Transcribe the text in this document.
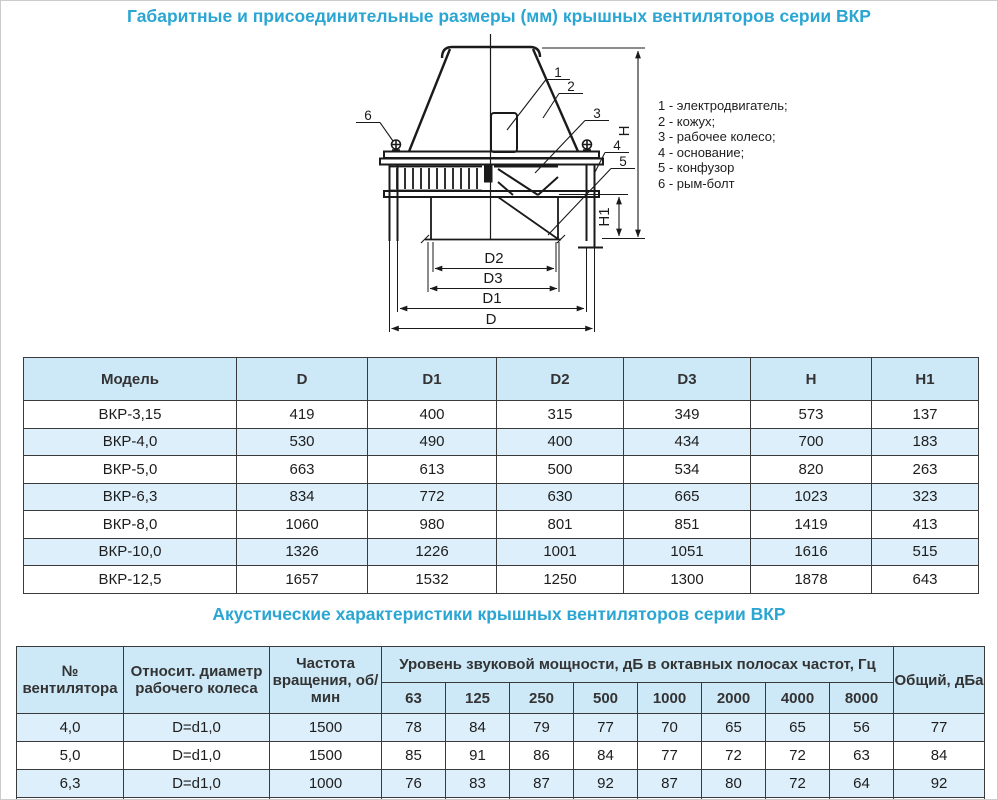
Габаритные и присоединительные размеры (мм) крышных вентиляторов серии ВКР
1
2
3
4
5
6
D2
D3
D1
D
H
H1
1 - электродвигатель;
2 - кожух;
3 - рабочее колесо;
4 - основание;
5 - конфузор
6 - рым-болт
Модель	D	D1	D2	D3	H	H1
ВКР-3,15	419	400	315	349	573	137
ВКР-4,0	530	490	400	434	700	183
ВКР-5,0	663	613	500	534	820	263
ВКР-6,3	834	772	630	665	1023	323
ВКР-8,0	1060	980	801	851	1419	413
ВКР-10,0	1326	1226	1001	1051	1616	515
ВКР-12,5	1657	1532	1250	1300	1878	643
Акустические характеристики крышных вентиляторов серии ВКР
№ вентилятора	Относит. диаметр рабочего колеса	Частота вращения, об/мин	Уровень звуковой мощности, дБ в октавных полосах частот, Гц								Общий, дБа
			63	125	250	500	1000	2000	4000	8000	
4,0	D=d1,0	1500	78	84	79	77	70	65	65	56	77
5,0	D=d1,0	1500	85	91	86	84	77	72	72	63	84
6,3	D=d1,0	1000	76	83	87	92	87	80	72	64	92
